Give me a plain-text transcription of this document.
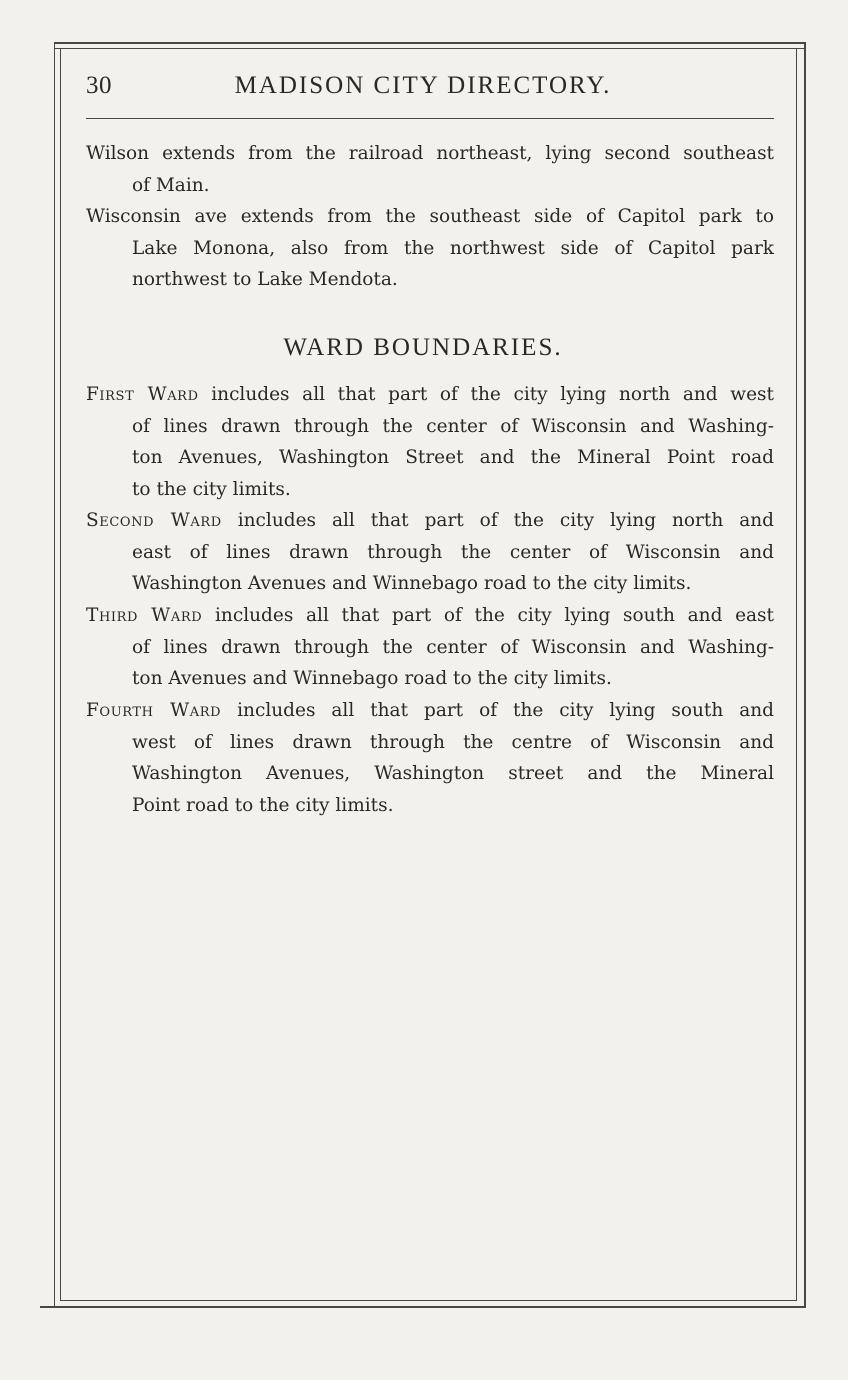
30	MADISON CITY DIRECTORY.
Wilson extends from the railroad northeast, lying second southeast
of Main.
Wisconsin ave extends from the southeast side of Capitol park to
Lake Monona, also from the northwest side of Capitol park
northwest to Lake Mendota.
WARD BOUNDARIES.
First Ward includes all that part of the city lying north and west
of lines drawn through the center of Wisconsin and Washing-
ton Avenues, Washington Street and the Mineral Point road
to the city limits.
Second Ward includes all that part of the city lying north and
east of lines drawn through the center of Wisconsin and
Washington Avenues and Winnebago road to the city limits.
Third Ward includes all that part of the city lying south and east
of lines drawn through the center of Wisconsin and Washing-
ton Avenues and Winnebago road to the city limits.
Fourth Ward includes all that part of the city lying south and
west of lines drawn through the centre of Wisconsin and
Washington Avenues, Washington street and the Mineral
Point road to the city limits.
